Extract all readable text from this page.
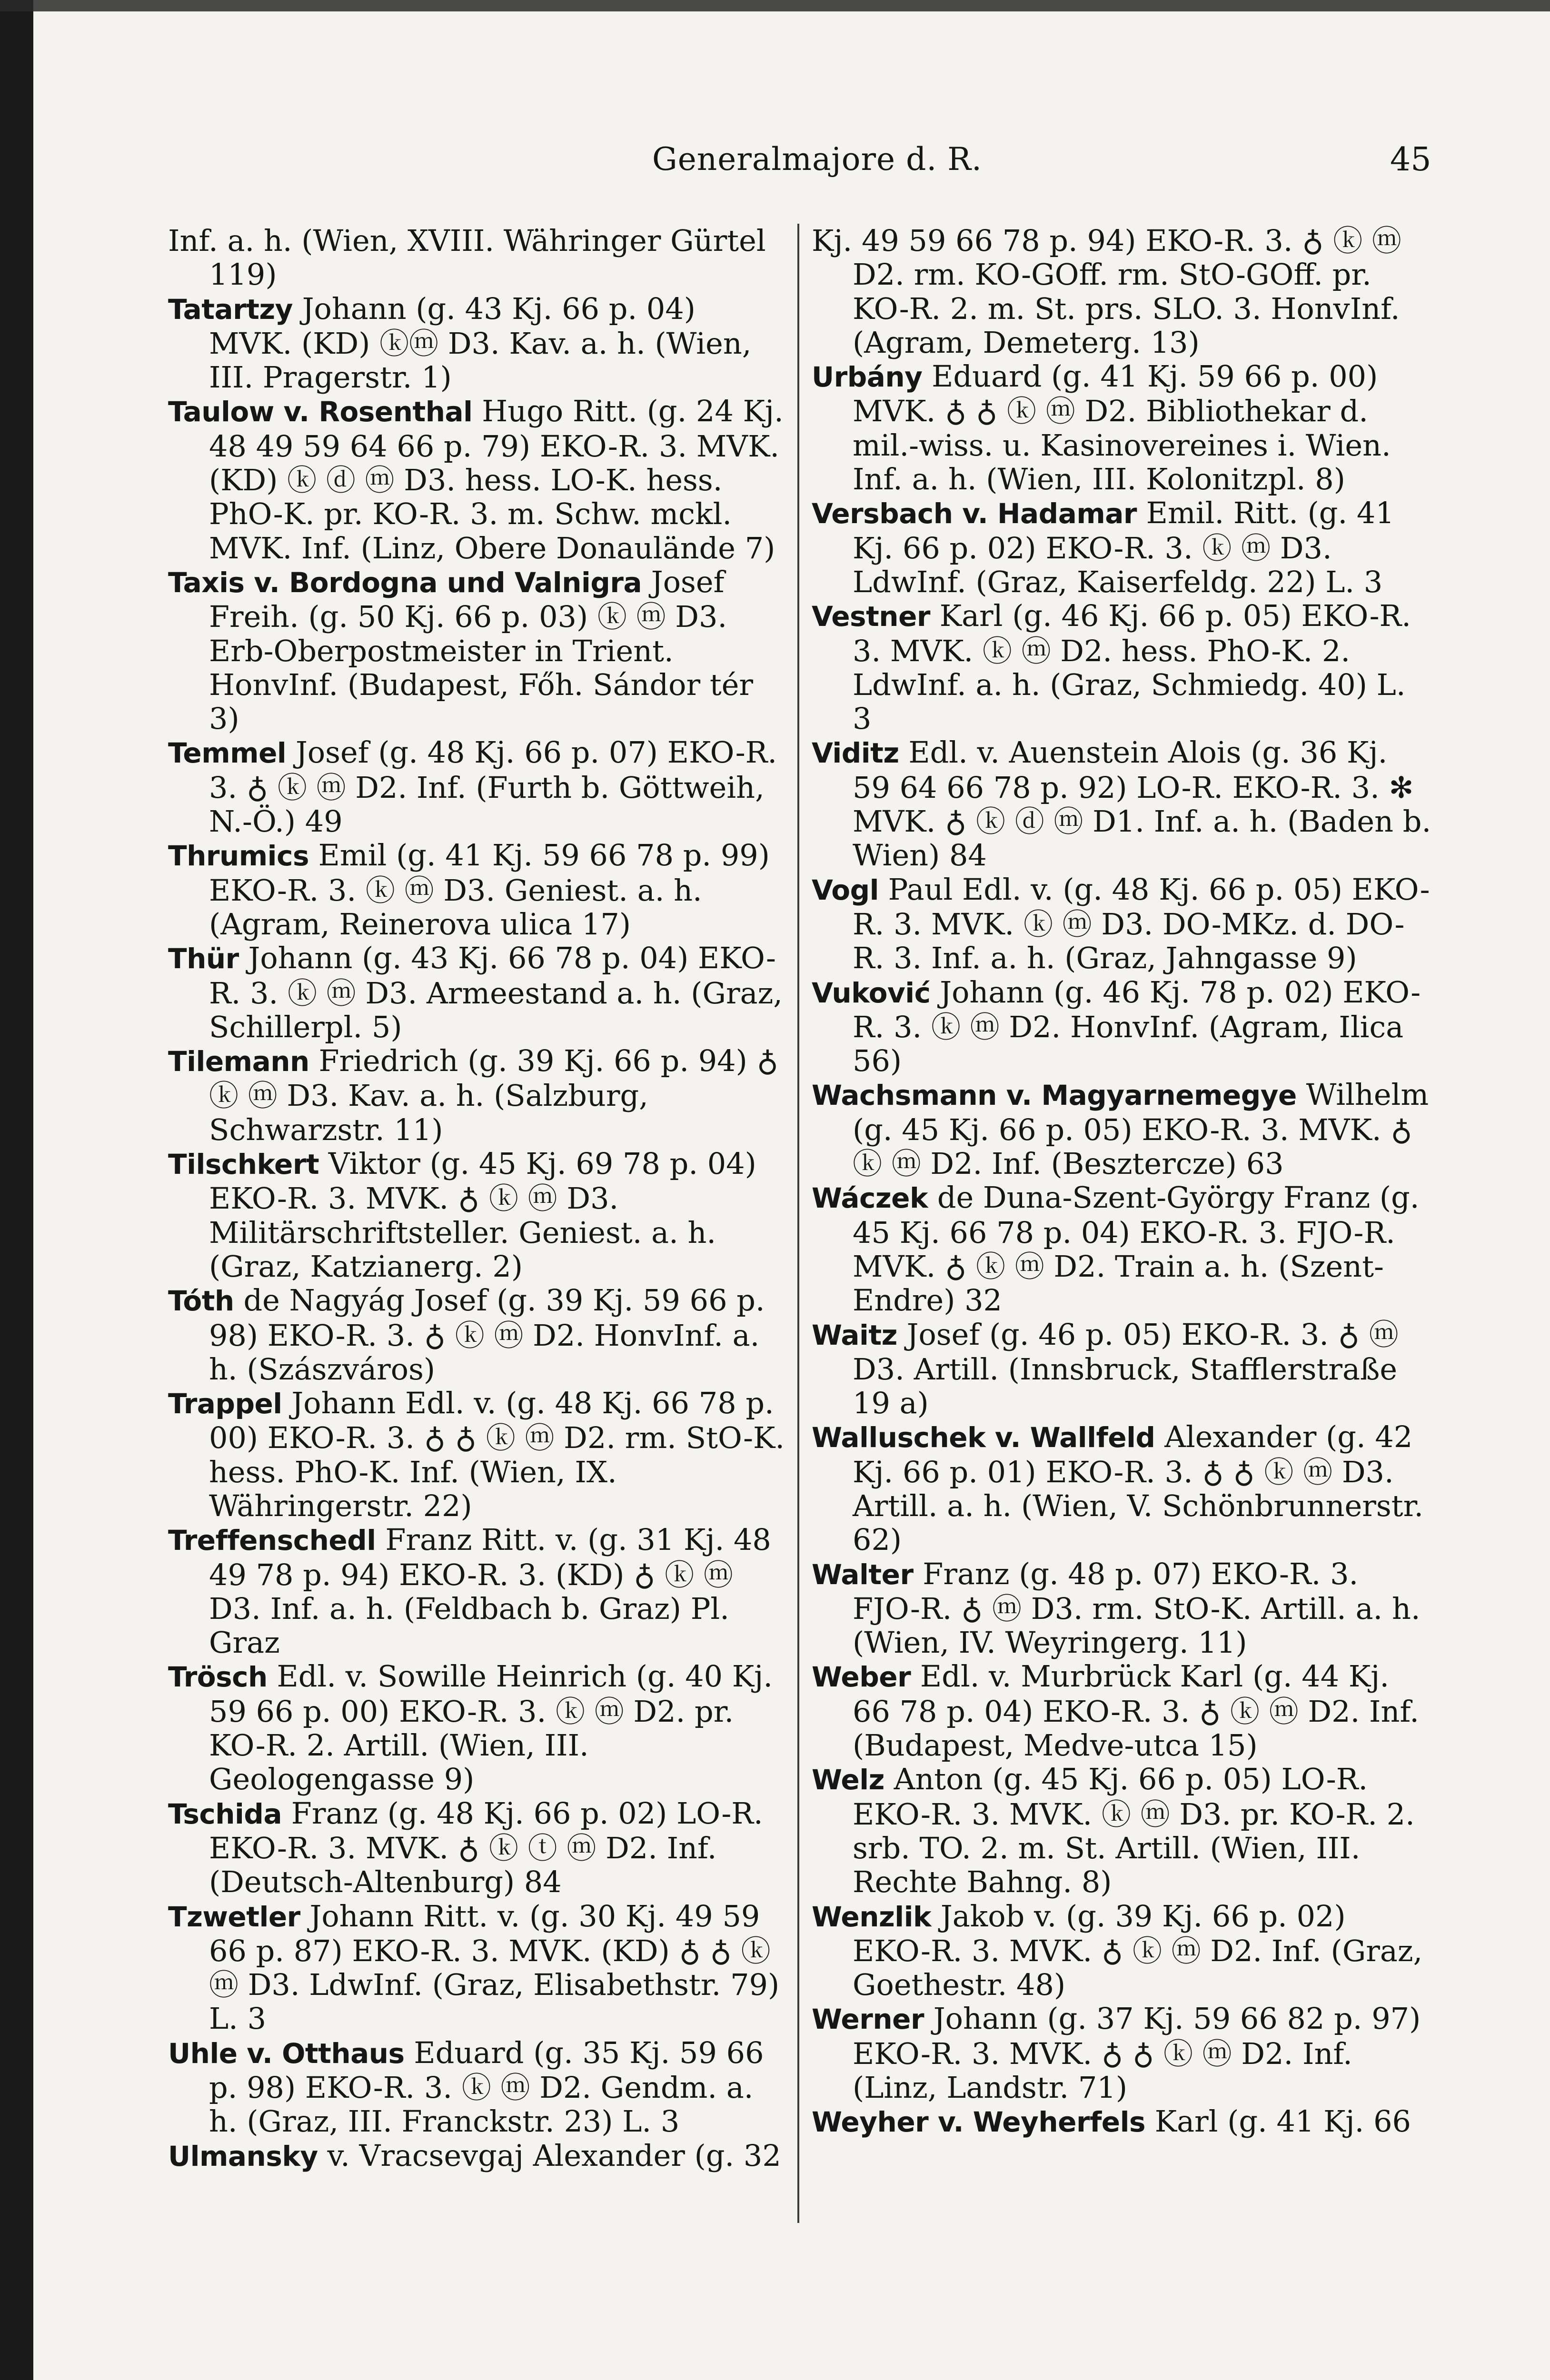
Generalmajore d. R.	45

Inf. a. h. (Wien, XVIII. Währinger Gürtel 119)

Tatartzy Johann (g. 43 Kj. 66 p. 04) MVK. (KD) ⓚⓜ D3. Kav. a. h. (Wien, III. Pragerstr. 1)

Taulow v. Rosenthal Hugo Ritt. (g. 24 Kj. 48 49 59 64 66 p. 79) EKO-R. 3. MVK. (KD) ⓚ ⓓ ⓜ D3. hess. LO-K. hess. PhO-K. pr. KO-R. 3. m. Schw. mckl. MVK. Inf. (Linz, Obere Donaulände 7)

Taxis v. Bordogna und Valnigra Josef Freih. (g. 50 Kj. 66 p. 03) ⓚ ⓜ D3. Erb-Oberpostmeister in Trient. HonvInf. (Budapest, Főh. Sándor tér 3)

Temmel Josef (g. 48 Kj. 66 p. 07) EKO-R. 3. ♁ ⓚ ⓜ D2. Inf. (Furth b. Göttweih, N.-Ö.) 49

Thrumics Emil (g. 41 Kj. 59 66 78 p. 99) EKO-R. 3. ⓚ ⓜ D3. Geniest. a. h. (Agram, Reinerova ulica 17)

Thür Johann (g. 43 Kj. 66 78 p. 04) EKO-R. 3. ⓚ ⓜ D3. Armeestand a. h. (Graz, Schillerpl. 5)

Tilemann Friedrich (g. 39 Kj. 66 p. 94) ♁ ⓚ ⓜ D3. Kav. a. h. (Salzburg, Schwarzstr. 11)

Tilschkert Viktor (g. 45 Kj. 69 78 p. 04) EKO-R. 3. MVK. ♁ ⓚ ⓜ D3. Militärschriftsteller. Geniest. a. h. (Graz, Katzianerg. 2)

Tóth de Nagyág Josef (g. 39 Kj. 59 66 p. 98) EKO-R. 3. ♁ ⓚ ⓜ D2. HonvInf. a. h. (Szászváros)

Trappel Johann Edl. v. (g. 48 Kj. 66 78 p. 00) EKO-R. 3. ♁ ♁ ⓚ ⓜ D2. rm. StO-K. hess. PhO-K. Inf. (Wien, IX. Währingerstr. 22)

Treffenschedl Franz Ritt. v. (g. 31 Kj. 48 49 78 p. 94) EKO-R. 3. (KD) ♁ ⓚ ⓜ D3. Inf. a. h. (Feldbach b. Graz) Pl. Graz

Trösch Edl. v. Sowille Heinrich (g. 40 Kj. 59 66 p. 00) EKO-R. 3. ⓚ ⓜ D2. pr. KO-R. 2. Artill. (Wien, III. Geologengasse 9)

Tschida Franz (g. 48 Kj. 66 p. 02) LO-R. EKO-R. 3. MVK. ♁ ⓚ ⓣ ⓜ D2. Inf. (Deutsch-Altenburg) 84

Tzwetler Johann Ritt. v. (g. 30 Kj. 49 59 66 p. 87) EKO-R. 3. MVK. (KD) ♁ ♁ ⓚ ⓜ D3. LdwInf. (Graz, Elisabethstr. 79) L. 3

Uhle v. Otthaus Eduard (g. 35 Kj. 59 66 p. 98) EKO-R. 3. ⓚ ⓜ D2. Gendm. a. h. (Graz, III. Franckstr. 23) L. 3

Ulmansky v. Vracsevgaj Alexander (g. 32

Kj. 49 59 66 78 p. 94) EKO-R. 3. ♁ ⓚ ⓜ D2. rm. KO-GOff. rm. StO-GOff. pr. KO-R. 2. m. St. prs. SLO. 3. HonvInf. (Agram, Demeterg. 13)

Urbány Eduard (g. 41 Kj. 59 66 p. 00) MVK. ♁ ♁ ⓚ ⓜ D2. Bibliothekar d. mil.-wiss. u. Kasinovereines i. Wien. Inf. a. h. (Wien, III. Kolonitzpl. 8)

Versbach v. Hadamar Emil. Ritt. (g. 41 Kj. 66 p. 02) EKO-R. 3. ⓚ ⓜ D3. LdwInf. (Graz, Kaiserfeldg. 22) L. 3

Vestner Karl (g. 46 Kj. 66 p. 05) EKO-R. 3. MVK. ⓚ ⓜ D2. hess. PhO-K. 2. LdwInf. a. h. (Graz, Schmiedg. 40) L. 3

Viditz Edl. v. Auenstein Alois (g. 36 Kj. 59 64 66 78 p. 92) LO-R. EKO-R. 3. ✻ MVK. ♁ ⓚ ⓓ ⓜ D1. Inf. a. h. (Baden b. Wien) 84

Vogl Paul Edl. v. (g. 48 Kj. 66 p. 05) EKO-R. 3. MVK. ⓚ ⓜ D3. DO-MKz. d. DO-R. 3. Inf. a. h. (Graz, Jahngasse 9)

Vuković Johann (g. 46 Kj. 78 p. 02) EKO-R. 3. ⓚ ⓜ D2. HonvInf. (Agram, Ilica 56)

Wachsmann v. Magyarnemegye Wilhelm (g. 45 Kj. 66 p. 05) EKO-R. 3. MVK. ♁ ⓚ ⓜ D2. Inf. (Besztercze) 63

Wáczek de Duna-Szent-György Franz (g. 45 Kj. 66 78 p. 04) EKO-R. 3. FJO-R. MVK. ♁ ⓚ ⓜ D2. Train a. h. (Szent-Endre) 32

Waitz Josef (g. 46 p. 05) EKO-R. 3. ♁ ⓜ D3. Artill. (Innsbruck, Stafflerstraße 19 a)

Walluschek v. Wallfeld Alexander (g. 42 Kj. 66 p. 01) EKO-R. 3. ♁ ♁ ⓚ ⓜ D3. Artill. a. h. (Wien, V. Schönbrunnerstr. 62)

Walter Franz (g. 48 p. 07) EKO-R. 3. FJO-R. ♁ ⓜ D3. rm. StO-K. Artill. a. h. (Wien, IV. Weyringerg. 11)

Weber Edl. v. Murbrück Karl (g. 44 Kj. 66 78 p. 04) EKO-R. 3. ♁ ⓚ ⓜ D2. Inf. (Budapest, Medve-utca 15)

Welz Anton (g. 45 Kj. 66 p. 05) LO-R. EKO-R. 3. MVK. ⓚ ⓜ D3. pr. KO-R. 2. srb. TO. 2. m. St. Artill. (Wien, III. Rechte Bahng. 8)

Wenzlik Jakob v. (g. 39 Kj. 66 p. 02) EKO-R. 3. MVK. ♁ ⓚ ⓜ D2. Inf. (Graz, Goethestr. 48)

Werner Johann (g. 37 Kj. 59 66 82 p. 97) EKO-R. 3. MVK. ♁ ♁ ⓚ ⓜ D2. Inf. (Linz, Landstr. 71)

Weyher v. Weyherfels Karl (g. 41 Kj. 66
